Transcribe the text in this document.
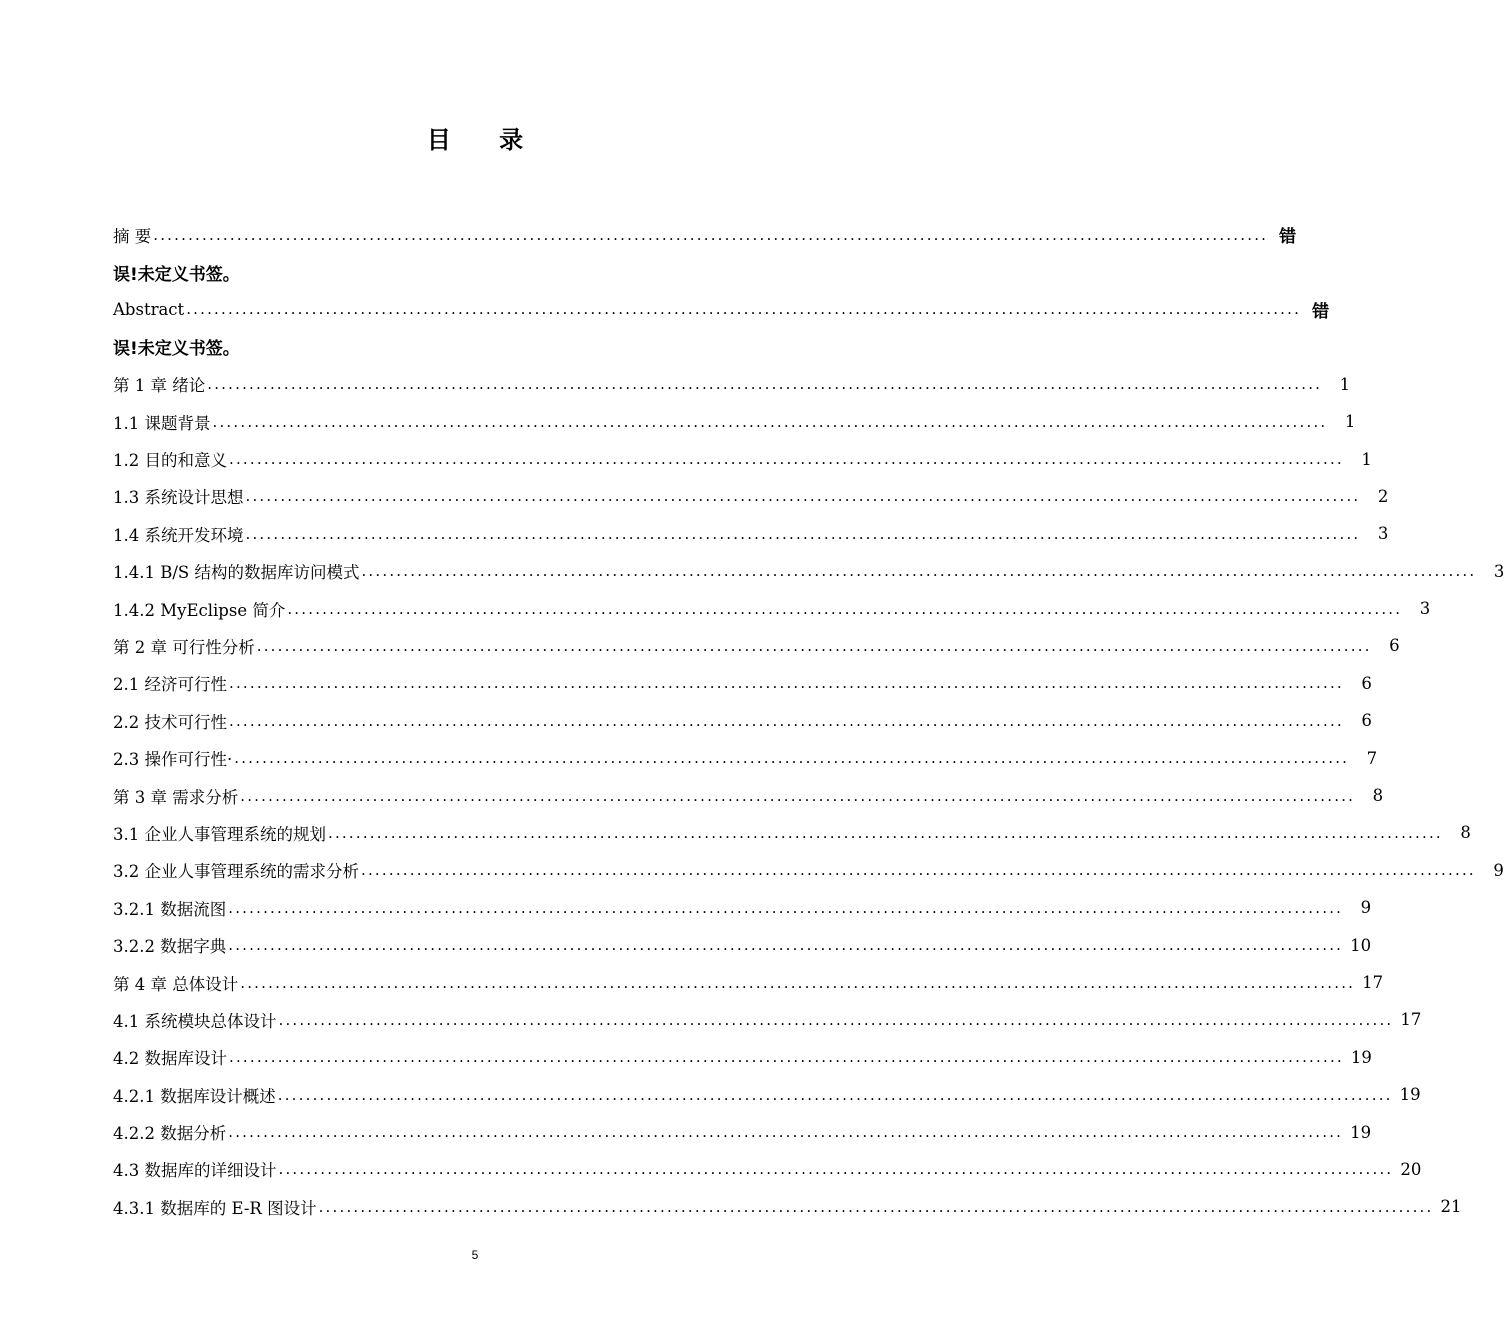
目 录
摘 要 ................................................................................................................................................................ 错
误!未定义书签。
Abstract ................................................................................................................................................................ 错
误!未定义书签。
第 1 章 绪论 ................................................................................................................................................................	1
1.1 课题背景 ................................................................................................................................................................	1
1.2 目的和意义 ................................................................................................................................................................	1
1.3 系统设计思想 ................................................................................................................................................................	2
1.4 系统开发环境 ................................................................................................................................................................	3
1.4.1 B/S 结构的数据库访问模式 ................................................................................................................................................................	3
1.4.2 MyEclipse 简介 ................................................................................................................................................................	3
第 2 章 可行性分析 ................................................................................................................................................................	6
2.1 经济可行性 ................................................................................................................................................................	6
2.2 技术可行性 ................................................................................................................................................................	6
2.3 操作可行性· ................................................................................................................................................................	7
第 3 章 需求分析 ................................................................................................................................................................	8
3.1 企业人事管理系统的规划 ................................................................................................................................................................	8
3.2 企业人事管理系统的需求分析 ................................................................................................................................................................	9
3.2.1 数据流图 ................................................................................................................................................................	9
3.2.2 数据字典 ................................................................................................................................................................ 10
第 4 章 总体设计 ................................................................................................................................................................ 17
4.1 系统模块总体设计 ................................................................................................................................................................ 17
4.2 数据库设计 ................................................................................................................................................................ 19
4.2.1 数据库设计概述 ................................................................................................................................................................ 19
4.2.2 数据分析 ................................................................................................................................................................ 19
4.3 数据库的详细设计 ................................................................................................................................................................ 20
4.3.1 数据库的 E-R 图设计 ................................................................................................................................................................ 21
5
